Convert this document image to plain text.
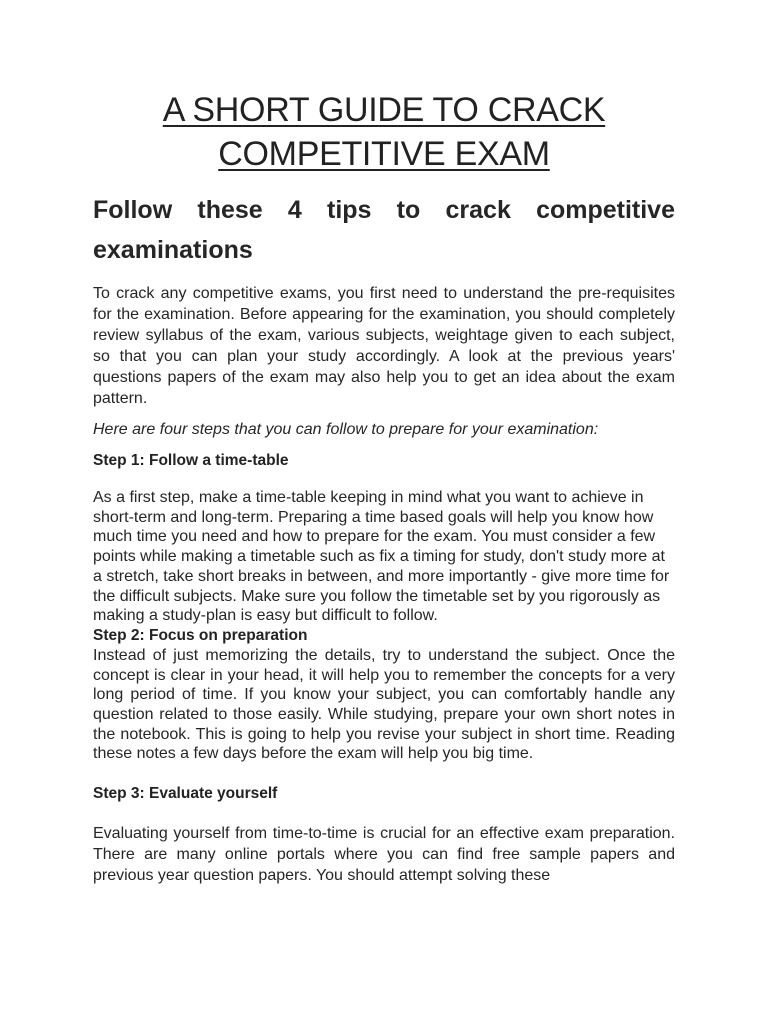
A SHORT GUIDE TO CRACK COMPETITIVE EXAM
Follow these 4 tips to crack competitive examinations

To crack any competitive exams, you first need to understand the pre-requisites for the examination. Before appearing for the examination, you should completely review syllabus of the exam, various subjects, weightage given to each subject, so that you can plan your study accordingly. A look at the previous years' questions papers of the exam may also help you to get an idea about the exam pattern.

Here are four steps that you can follow to prepare for your examination:

Step 1: Follow a time-table

As a first step, make a time-table keeping in mind what you want to achieve in short-term and long-term. Preparing a time based goals will help you know how much time you need and how to prepare for the exam. You must consider a few points while making a timetable such as fix a timing for study, don't study more at a stretch, take short breaks in between, and more importantly - give more time for the difficult subjects. Make sure you follow the timetable set by you rigorously as making a study-plan is easy but difficult to follow.

Step 2: Focus on preparation

Instead of just memorizing the details, try to understand the subject. Once the concept is clear in your head, it will help you to remember the concepts for a very long period of time. If you know your subject, you can comfortably handle any question related to those easily. While studying, prepare your own short notes in the notebook. This is going to help you revise your subject in short time. Reading these notes a few days before the exam will help you big time.

Step 3: Evaluate yourself

Evaluating yourself from time-to-time is crucial for an effective exam preparation. There are many online portals where you can find free sample papers and previous year question papers. You should attempt solving these
